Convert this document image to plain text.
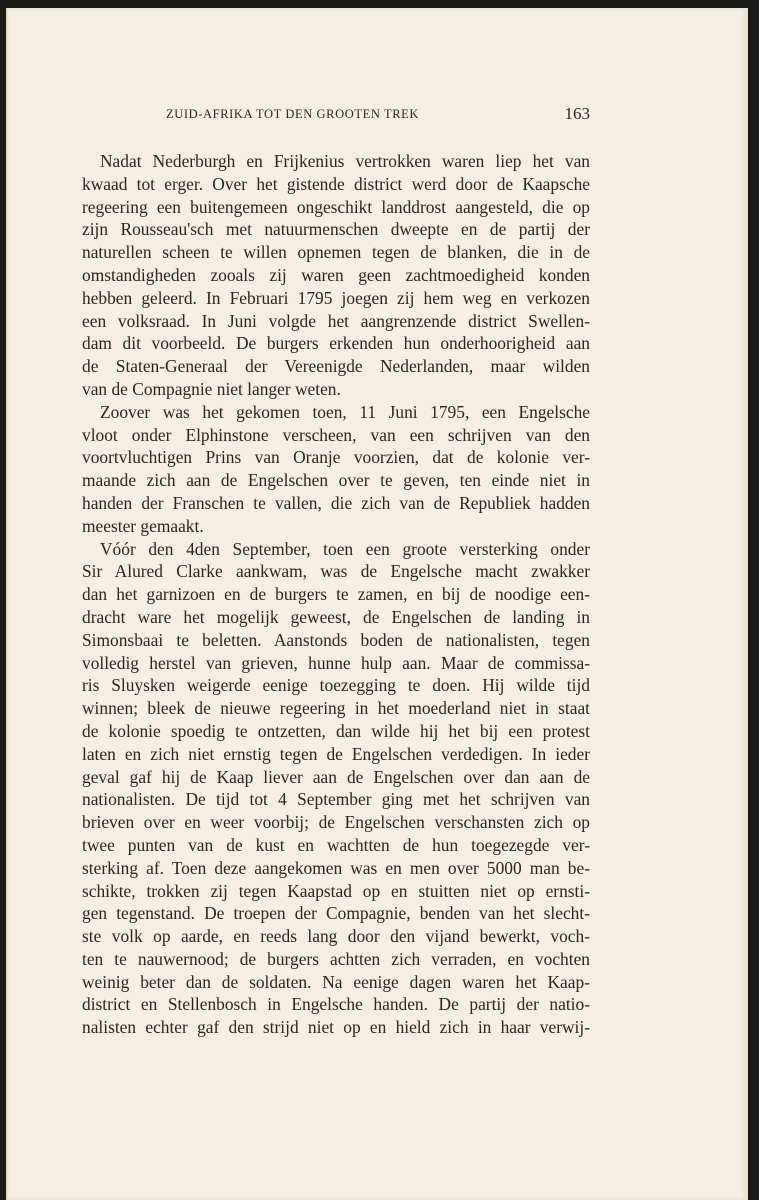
ZUID-AFRIKA TOT DEN GROOTEN TREK	163
Nadat Nederburgh en Frijkenius vertrokken waren liep het van
kwaad tot erger. Over het gistende district werd door de Kaapsche
regeering een buitengemeen ongeschikt landdrost aangesteld, die op
zijn Rousseau'sch met natuurmenschen dweepte en de partij der
naturellen scheen te willen opnemen tegen de blanken, die in de
omstandigheden zooals zij waren geen zachtmoedigheid konden
hebben geleerd. In Februari 1795 joegen zij hem weg en verkozen
een volksraad. In Juni volgde het aangrenzende district Swellen-
dam dit voorbeeld. De burgers erkenden hun onderhoorigheid aan
de Staten-Generaal der Vereenigde Nederlanden, maar wilden
van de Compagnie niet langer weten.
Zoover was het gekomen toen, 11 Juni 1795, een Engelsche
vloot onder Elphinstone verscheen, van een schrijven van den
voortvluchtigen Prins van Oranje voorzien, dat de kolonie ver-
maande zich aan de Engelschen over te geven, ten einde niet in
handen der Franschen te vallen, die zich van de Republiek hadden
meester gemaakt.
Vóór den 4den September, toen een groote versterking onder
Sir Alured Clarke aankwam, was de Engelsche macht zwakker
dan het garnizoen en de burgers te zamen, en bij de noodige een-
dracht ware het mogelijk geweest, de Engelschen de landing in
Simonsbaai te beletten. Aanstonds boden de nationalisten, tegen
volledig herstel van grieven, hunne hulp aan. Maar de commissa-
ris Sluysken weigerde eenige toezegging te doen. Hij wilde tijd
winnen; bleek de nieuwe regeering in het moederland niet in staat
de kolonie spoedig te ontzetten, dan wilde hij het bij een protest
laten en zich niet ernstig tegen de Engelschen verdedigen. In ieder
geval gaf hij de Kaap liever aan de Engelschen over dan aan de
nationalisten. De tijd tot 4 September ging met het schrijven van
brieven over en weer voorbij; de Engelschen verschansten zich op
twee punten van de kust en wachtten de hun toegezegde ver-
sterking af. Toen deze aangekomen was en men over 5000 man be-
schikte, trokken zij tegen Kaapstad op en stuitten niet op ernsti-
gen tegenstand. De troepen der Compagnie, benden van het slecht-
ste volk op aarde, en reeds lang door den vijand bewerkt, voch-
ten te nauwernood; de burgers achtten zich verraden, en vochten
weinig beter dan de soldaten. Na eenige dagen waren het Kaap-
district en Stellenbosch in Engelsche handen. De partij der natio-
nalisten echter gaf den strijd niet op en hield zich in haar verwij-
